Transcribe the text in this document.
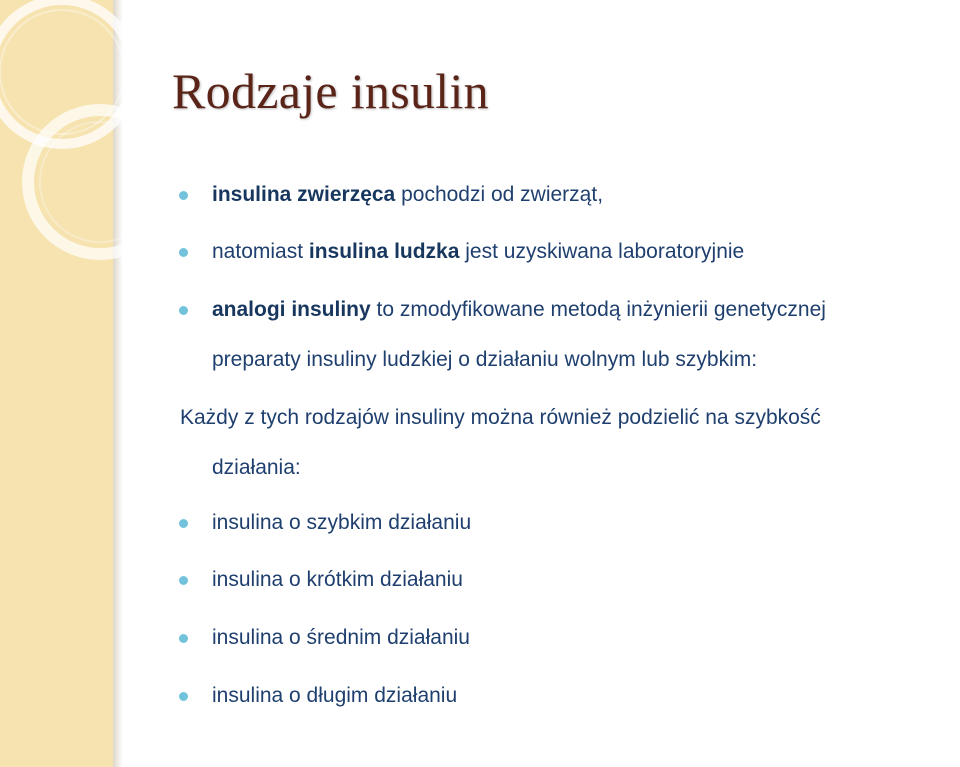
Rodzaje insulin
insulina zwierzęca pochodzi od zwierząt,
natomiast insulina ludzka jest uzyskiwana laboratoryjnie
analogi insuliny to zmodyfikowane metodą inżynierii genetycznej
preparaty insuliny ludzkiej o działaniu wolnym lub szybkim:
Każdy z tych rodzajów insuliny można również podzielić na szybkość
działania:
insulina o szybkim działaniu
insulina o krótkim działaniu
insulina o średnim działaniu
insulina o długim działaniu
